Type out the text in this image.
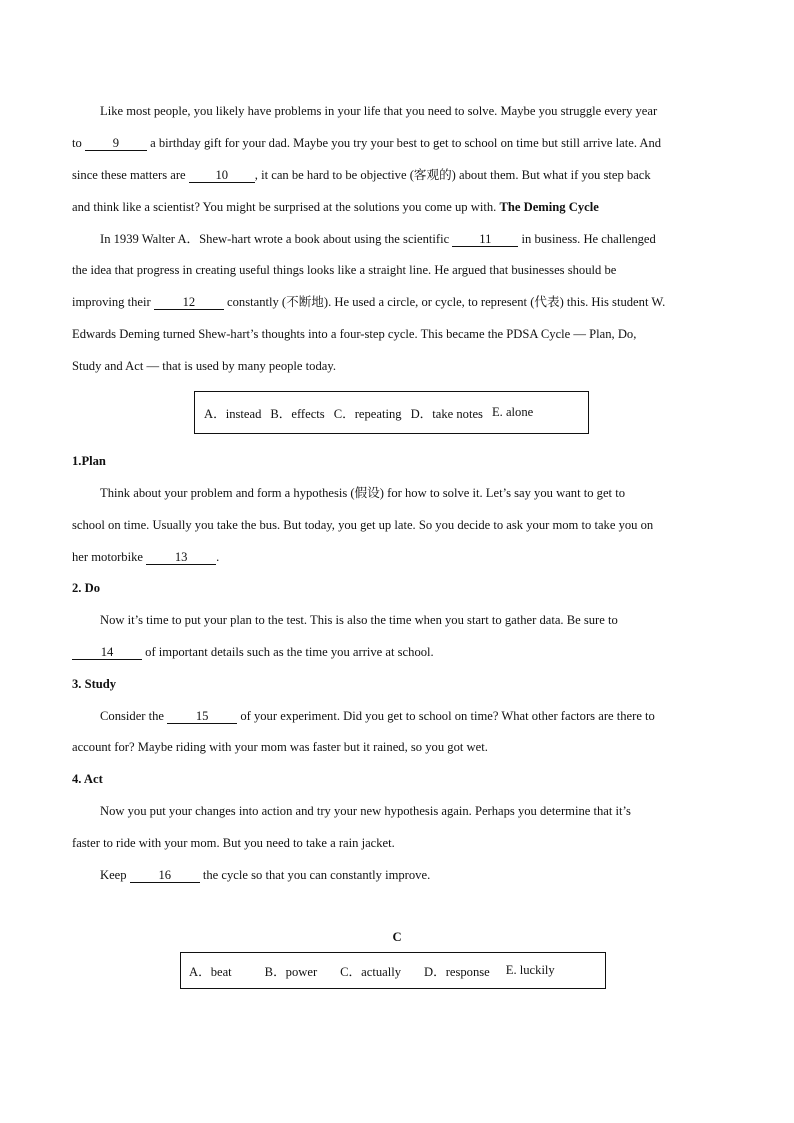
Like most people, you likely have problems in your life that you need to solve. Maybe you struggle every year
to 9 a birthday gift for your dad. Maybe you try your best to get to school on time but still arrive late. And
since these matters are 10 , it can be hard to be objective (客观的) about them. But what if you step back
and think like a scientist? You might be surprised at the solutions you come up with. The Deming Cycle
In 1939 Walter A．Shew-hart wrote a book about using the scientific 11 in business. He challenged
the idea that progress in creating useful things looks like a straight line. He argued that businesses should be
improving their	12	constantly (不断地). He used a circle, or cycle, to represent (代表) this. His student W.
Edwards Deming turned Shew-hart’s thoughts into a four-step cycle. This became the PDSA Cycle — Plan, Do,
Study and Act — that is used by many people today.
A．instead B．effects C．repeating D．take notes E. alone
1.Plan
Think about your problem and form a hypothesis (假设) for how to solve it. Let’s say you want to get to
school on time. Usually you take the bus. But today, you get up late. So you decide to ask your mom to take you on
her motorbike	13 .
2. Do
Now it’s time to put your plan to the test. This is also the time when you start to gather data. Be sure to
14	of important details such as the time you arrive at school.
3. Study
Consider the	15	of your experiment. Did you get to school on time? What other factors are there to
account for? Maybe riding with your mom was faster but it rained, so you got wet.
4. Act
Now you put your changes into action and try your new hypothesis again. Perhaps you determine that it’s
faster to ride with your mom. But you need to take a rain jacket.
Keep	16	the cycle so that you can constantly improve.
C
A．beat	B．power C．actually D．response E. luckily
